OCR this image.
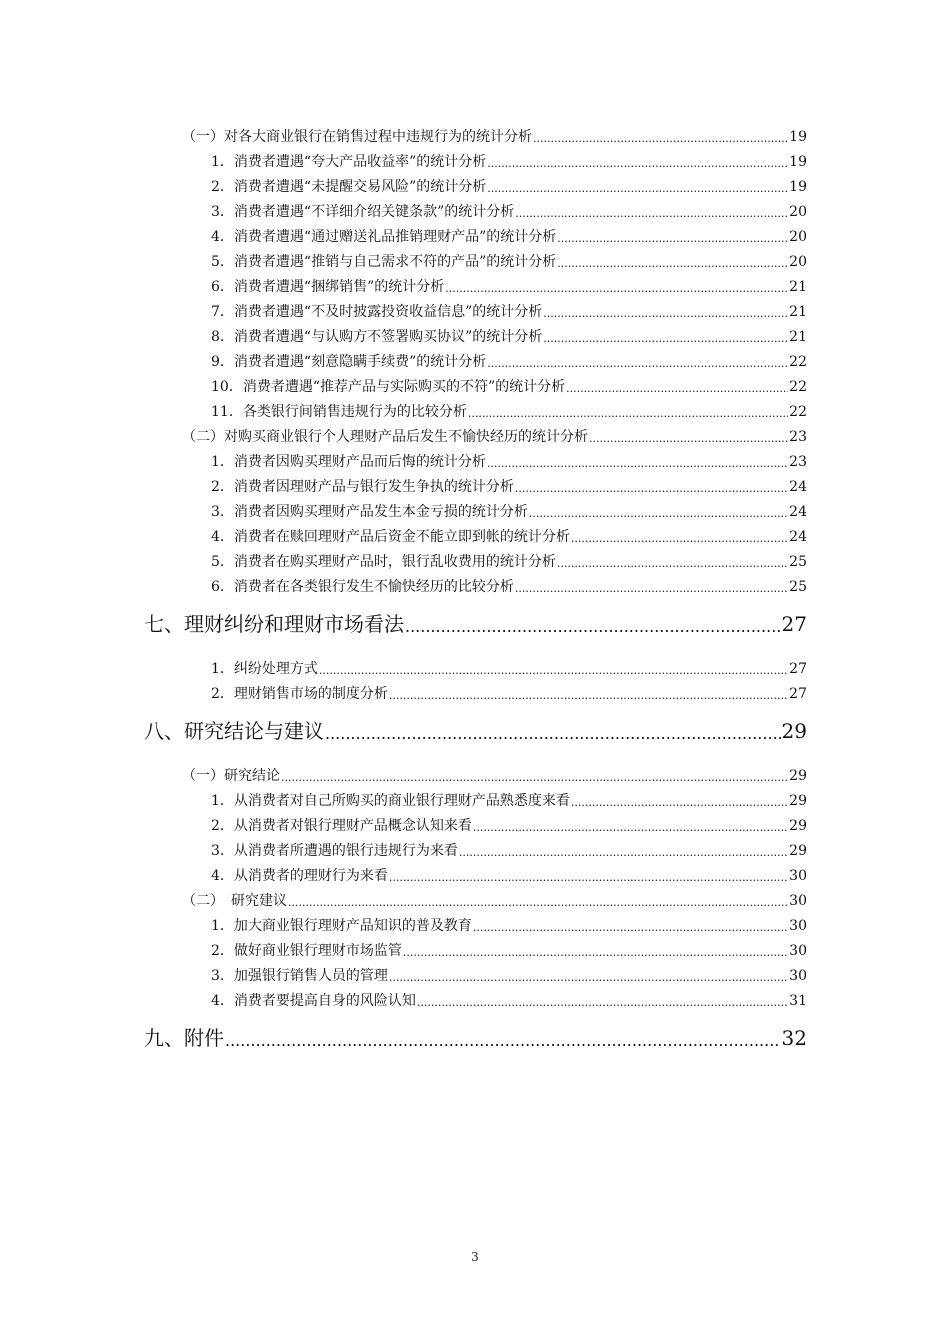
（一）对各大商业银行在销售过程中违规行为的统计分析 .....	19
1．消费者遭遇“夸大产品收益率”的统计分析 .....	19
2．消费者遭遇“未提醒交易风险”的统计分析 .....	19
3．消费者遭遇“不详细介绍关键条款”的统计分析 .....	20
4．消费者遭遇“通过赠送礼品推销理财产品”的统计分析 .....	20
5．消费者遭遇“推销与自己需求不符的产品”的统计分析 .....	20
6．消费者遭遇“捆绑销售”的统计分析 .....	21
7．消费者遭遇“不及时披露投资收益信息”的统计分析 .....	21
8．消费者遭遇“与认购方不签署购买协议”的统计分析 .....	21
9．消费者遭遇“刻意隐瞒手续费”的统计分析 .....	22
10．消费者遭遇“推荐产品与实际购买的不符”的统计分析 .....	22
11．各类银行间销售违规行为的比较分析 .....	22
（二）对购买商业银行个人理财产品后发生不愉快经历的统计分析 .....	23
1．消费者因购买理财产品而后悔的统计分析 .....	23
2．消费者因理财产品与银行发生争执的统计分析 .....	24
3．消费者因购买理财产品发生本金亏损的统计分析 .....	24
4．消费者在赎回理财产品后资金不能立即到帐的统计分析 .....	24
5．消费者在购买理财产品时，银行乱收费用的统计分析 .....	25
6．消费者在各类银行发生不愉快经历的比较分析 .....	25
七、理财纠纷和理财市场看法 .....	27
1．纠纷处理方式 .....	27
2．理财销售市场的制度分析 .....	27
八、研究结论与建议 .....	29
（一）研究结论 .....	29
1．从消费者对自己所购买的商业银行理财产品熟悉度来看 .....	29
2．从消费者对银行理财产品概念认知来看 .....	29
3．从消费者所遭遇的银行违规行为来看 .....	29
4．从消费者的理财行为来看 .....	30
（二）　研究建议 .....	30
1．加大商业银行理财产品知识的普及教育 .....	30
2．做好商业银行理财市场监管 .....	30
3．加强银行销售人员的管理 .....	30
4．消费者要提高自身的风险认知 .....	31
九、附件 .....	32
3
